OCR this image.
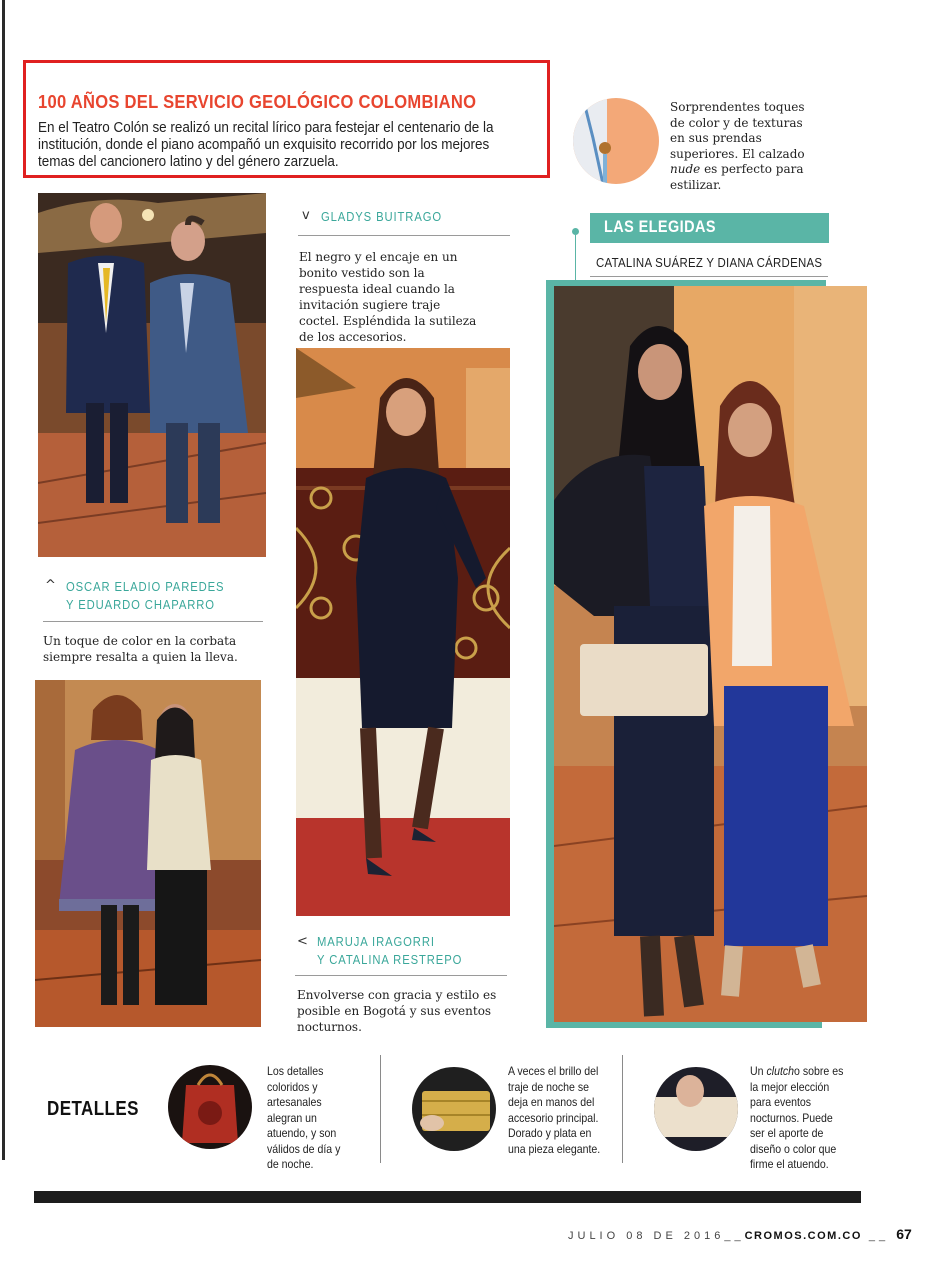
100 AÑOS DEL SERVICIO GEOLÓGICO COLOMBIANO
En el Teatro Colón se realizó un recital lírico para festejar el centenario de la institución, donde el piano acompañó un exquisito recorrido por los mejores temas del cancionero latino y del género zarzuela.
Sorprendentes toques de color y de texturas en sus prendas superiores. El calzado nude es perfecto para estilizar.
^ OSCAR ELADIO PAREDES
Y EDUARDO CHAPARRO
Un toque de color en la corbata siempre resalta a quien la lleva.
v GLADYS BUITRAGO
El negro y el encaje en un bonito vestido son la respuesta ideal cuando la invitación sugiere traje coctel. Espléndida la sutileza de los accesorios.
< MARUJA IRAGORRI
Y CATALINA RESTREPO
Envolverse con gracia y estilo es posible en Bogotá y sus eventos nocturnos.
LAS ELEGIDAS
CATALINA SUÁREZ Y DIANA CÁRDENAS
DETALLES
Los detalles coloridos y artesanales alegran un atuendo, y son válidos de día y de noche.
A veces el brillo del traje de noche se deja en manos del accesorio principal. Dorado y plata en una pieza elegante.
Un clutcho sobre es la mejor elección para eventos nocturnos. Puede ser el aporte de diseño o color que firme el atuendo.
JULIO 08 DE 2016__CROMOS.COM.CO __ 67
